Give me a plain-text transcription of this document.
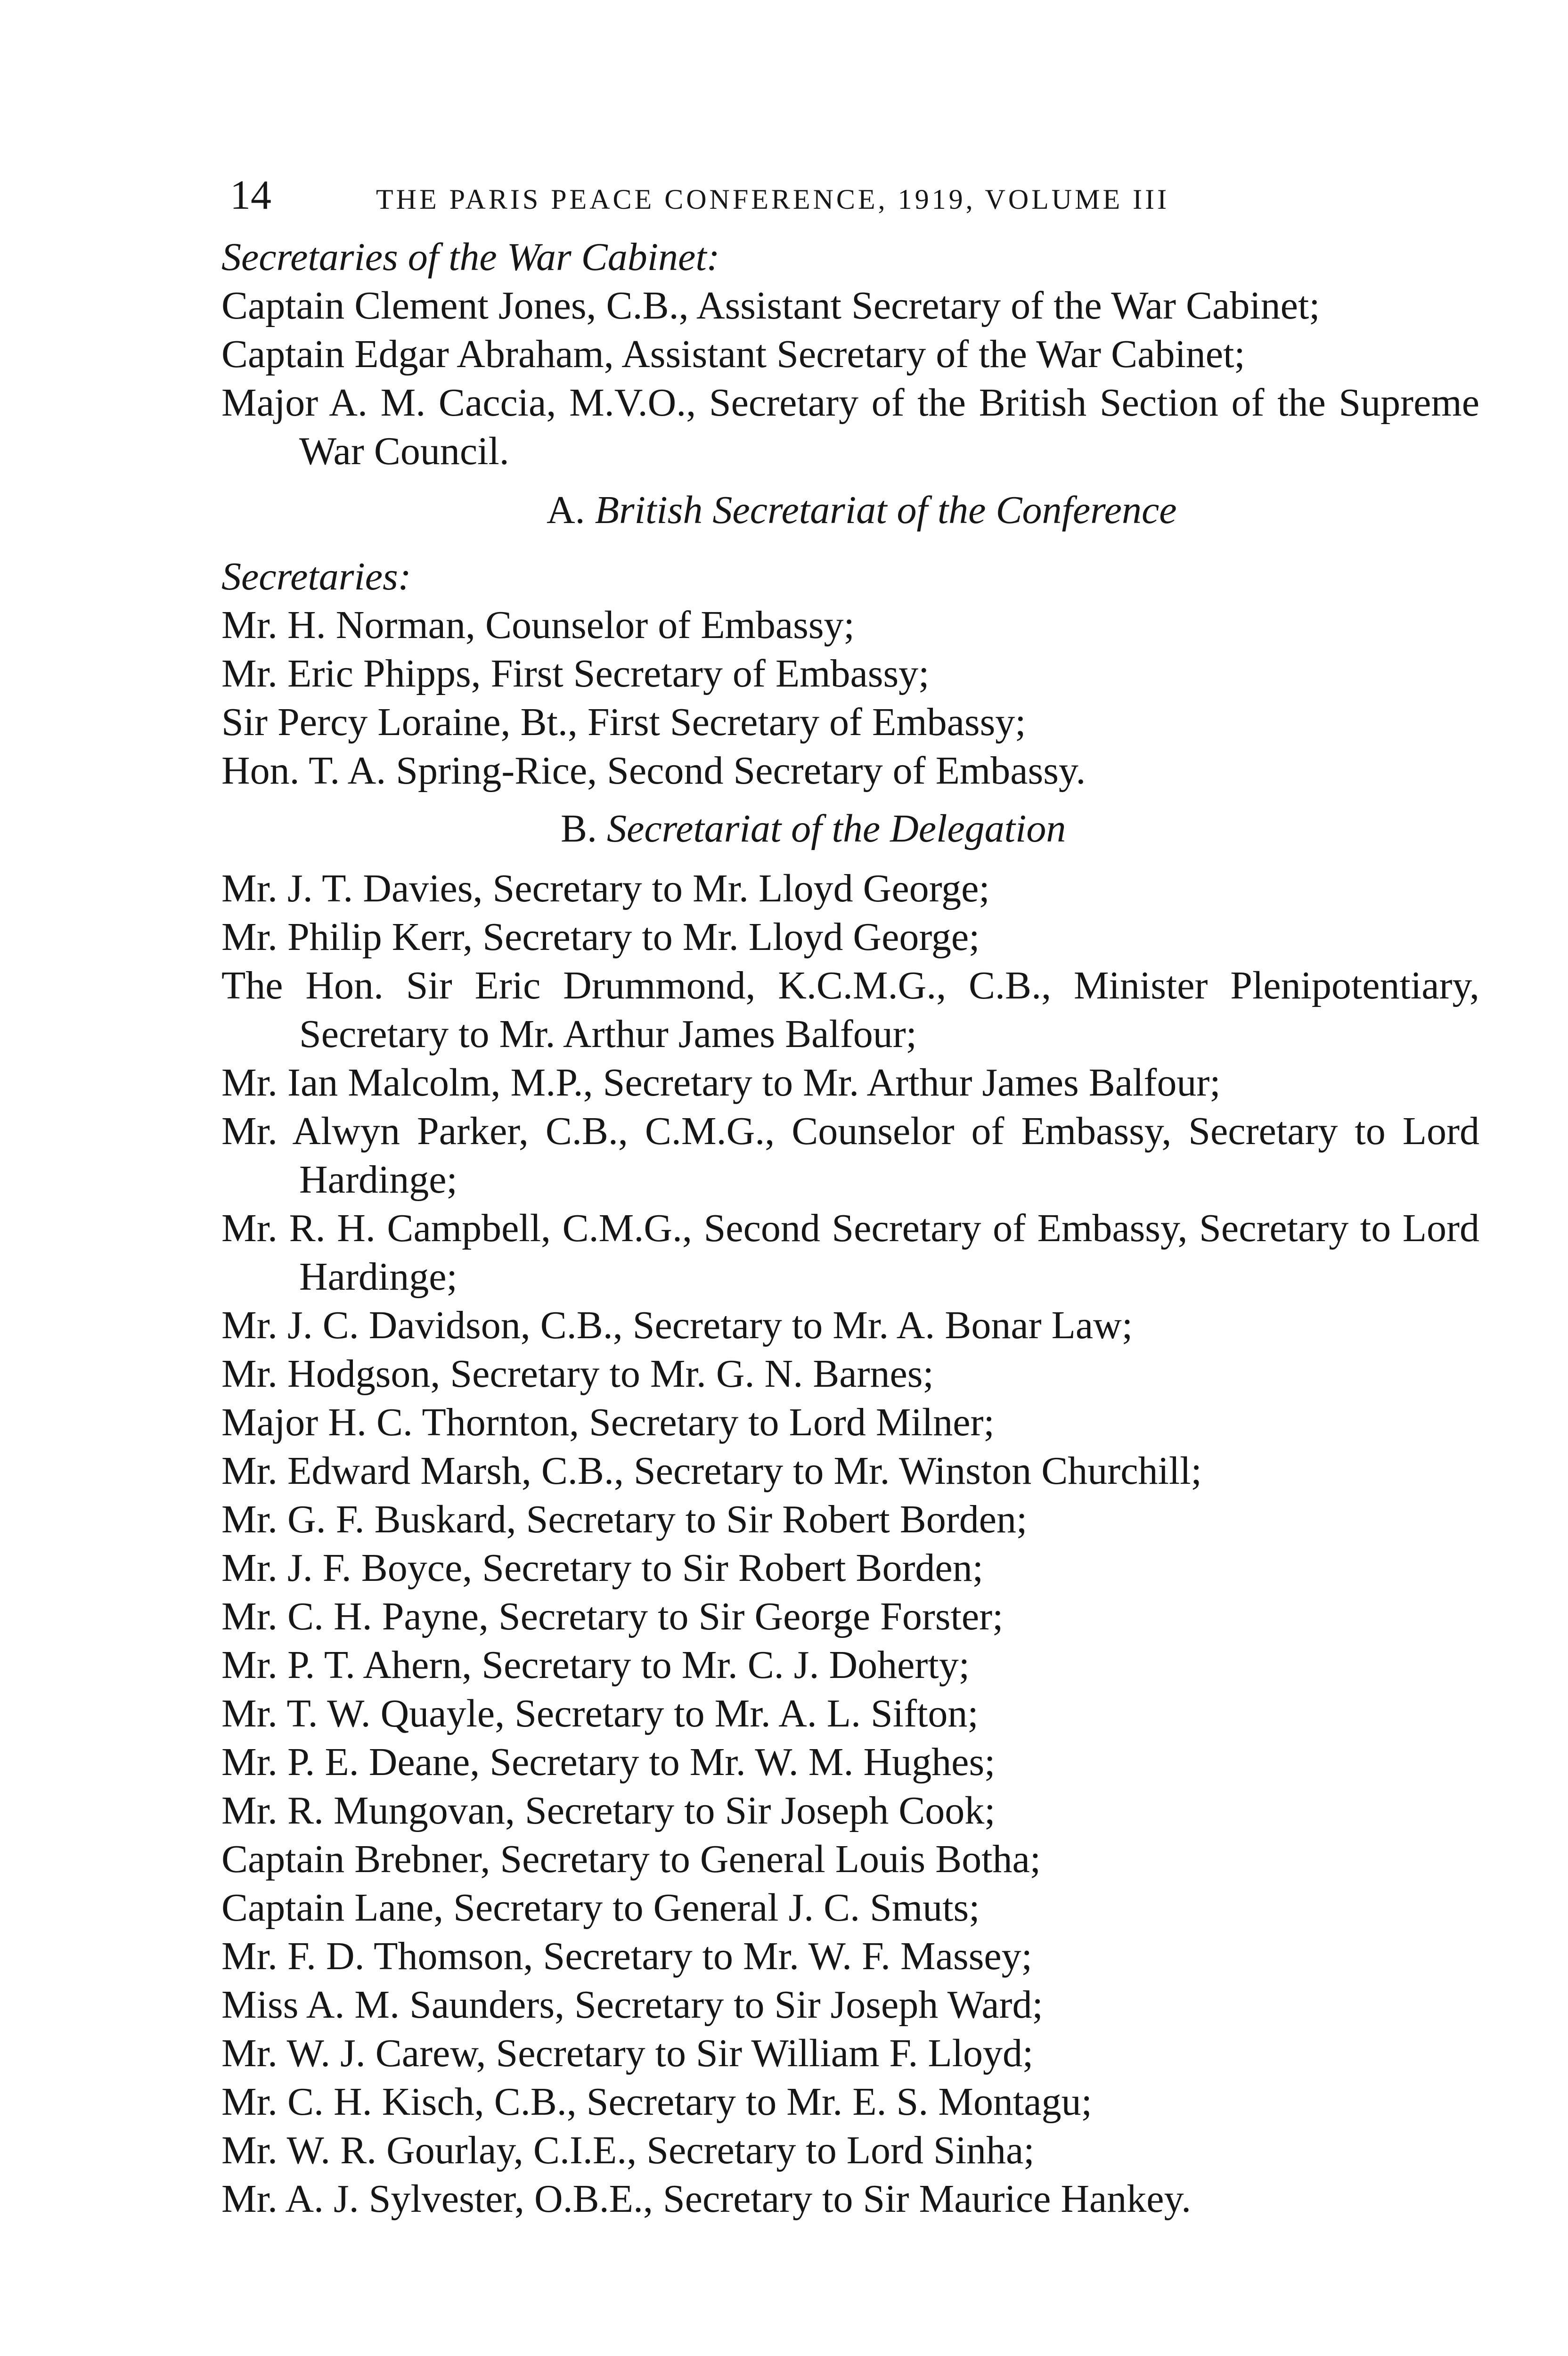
14	THE PARIS PEACE CONFERENCE, 1919, VOLUME III

Secretaries of the War Cabinet:

Captain Clement Jones, C.B., Assistant Secretary of the War Cabinet;

Captain Edgar Abraham, Assistant Secretary of the War Cabinet;

Major A. M. Caccia, M.V.O., Secretary of the British Section of the Supreme War Council.

A. British Secretariat of the Conference

Secretaries:

Mr. H. Norman, Counselor of Embassy;

Mr. Eric Phipps, First Secretary of Embassy;

Sir Percy Loraine, Bt., First Secretary of Embassy;

Hon. T. A. Spring-Rice, Second Secretary of Embassy.

B. Secretariat of the Delegation

Mr. J. T. Davies, Secretary to Mr. Lloyd George;

Mr. Philip Kerr, Secretary to Mr. Lloyd George;

The Hon. Sir Eric Drummond, K.C.M.G., C.B., Minister Plenipotentiary, Secretary to Mr. Arthur James Balfour;

Mr. Ian Malcolm, M.P., Secretary to Mr. Arthur James Balfour;

Mr. Alwyn Parker, C.B., C.M.G., Counselor of Embassy, Secretary to Lord Hardinge;

Mr. R. H. Campbell, C.M.G., Second Secretary of Embassy, Secretary to Lord Hardinge;

Mr. J. C. Davidson, C.B., Secretary to Mr. A. Bonar Law;

Mr. Hodgson, Secretary to Mr. G. N. Barnes;

Major H. C. Thornton, Secretary to Lord Milner;

Mr. Edward Marsh, C.B., Secretary to Mr. Winston Churchill;

Mr. G. F. Buskard, Secretary to Sir Robert Borden;

Mr. J. F. Boyce, Secretary to Sir Robert Borden;

Mr. C. H. Payne, Secretary to Sir George Forster;

Mr. P. T. Ahern, Secretary to Mr. C. J. Doherty;

Mr. T. W. Quayle, Secretary to Mr. A. L. Sifton;

Mr. P. E. Deane, Secretary to Mr. W. M. Hughes;

Mr. R. Mungovan, Secretary to Sir Joseph Cook;

Captain Brebner, Secretary to General Louis Botha;

Captain Lane, Secretary to General J. C. Smuts;

Mr. F. D. Thomson, Secretary to Mr. W. F. Massey;

Miss A. M. Saunders, Secretary to Sir Joseph Ward;

Mr. W. J. Carew, Secretary to Sir William F. Lloyd;

Mr. C. H. Kisch, C.B., Secretary to Mr. E. S. Montagu;

Mr. W. R. Gourlay, C.I.E., Secretary to Lord Sinha;

Mr. A. J. Sylvester, O.B.E., Secretary to Sir Maurice Hankey.
